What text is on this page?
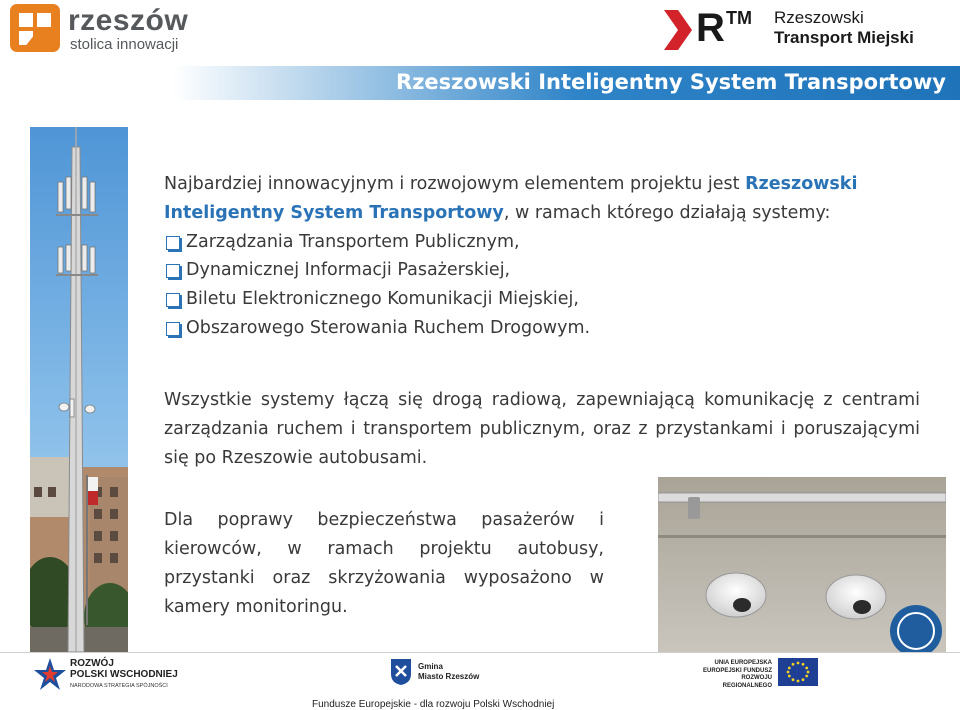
rzeszów
stolica innowacji	R TM Rzeszowski
Transport Miejski
Rzeszowski Inteligentny System Transportowy
Najbardziej innowacyjnym i rozwojowym elementem projektu jest Rzeszowski Inteligentny System Transportowy, w ramach którego działają systemy:
Zarządzania Transportem Publicznym,
Dynamicznej Informacji Pasażerskiej,
Biletu Elektronicznego Komunikacji Miejskiej,
Obszarowego Sterowania Ruchem Drogowym.

Wszystkie systemy łączą się drogą radiową, zapewniającą komunikację z centrami zarządzania ruchem i transportem publicznym, oraz z przystankami i poruszającymi się po Rzeszowie autobusami.

Dla poprawy bezpieczeństwa pasażerów i kierowców, w ramach projektu autobusy, przystanki oraz skrzyżowania wyposażono w kamery monitoringu.

ROZWÓJ
POLSKI WSCHODNIEJ
NARODOWA STRATEGIA SPÓJNOŚCI
Gmina
Miasto Rzeszów
UNIA EUROPEJSKA
EUROPEJSKI FUNDUSZ
ROZWOJU REGIONALNEGO
Fundusze Europejskie - dla rozwoju Polski Wschodniej
